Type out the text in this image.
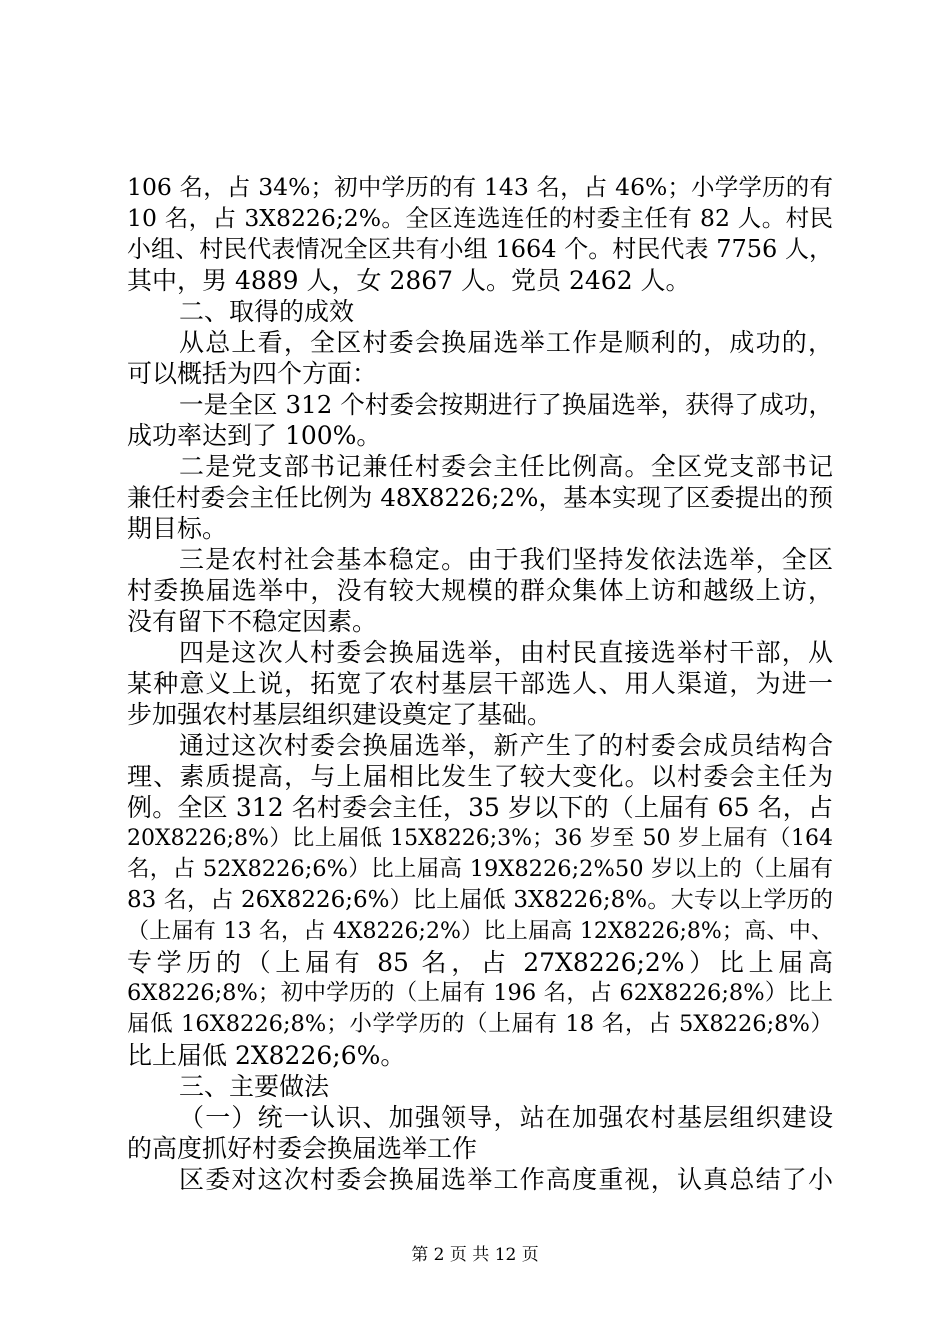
106 名，占 34%；初中学历的有 143 名，占 46%；小学学历的有
10 名，占 3X8226;2%。全区连选连任的村委主任有 82 人。村民
小组、村民代表情况全区共有小组 1664 个。村民代表 7756 人，
其中，男 4889 人，女 2867 人。党员 2462 人。
二、取得的成效
从总上看，全区村委会换届选举工作是顺利的，成功的，
可以概括为四个方面：
一是全区 312 个村委会按期进行了换届选举，获得了成功，
成功率达到了 100%。
二是党支部书记兼任村委会主任比例高。全区党支部书记
兼任村委会主任比例为 48X8226;2%，基本实现了区委提出的预
期目标。
三是农村社会基本稳定。由于我们坚持发依法选举，全区
村委换届选举中，没有较大规模的群众集体上访和越级上访，
没有留下不稳定因素。
四是这次人村委会换届选举，由村民直接选举村干部，从
某种意义上说，拓宽了农村基层干部选人、用人渠道，为进一
步加强农村基层组织建设奠定了基础。
通过这次村委会换届选举，新产生了的村委会成员结构合
理、素质提高，与上届相比发生了较大变化。以村委会主任为
例。全区 312 名村委会主任，35 岁以下的（上届有 65 名，占
20X8226;8%）比上届低 15X8226;3%；36 岁至 50 岁上届有（164
名，占 52X8226;6%）比上届高 19X8226;2%50 岁以上的（上届有
83 名，占 26X8226;6%）比上届低 3X8226;8%。大专以上学历的
（上届有 13 名，占 4X8226;2%）比上届高 12X8226;8%；高、中、
专学历的（上届有 85 名，占 27X8226;2%）比上届高
6X8226;8%；初中学历的（上届有 196 名，占 62X8226;8%）比上
届低 16X8226;8%；小学学历的（上届有 18 名，占 5X8226;8%）
比上届低 2X8226;6%。
三、主要做法
（一）统一认识、加强领导，站在加强农村基层组织建设
的高度抓好村委会换届选举工作
区委对这次村委会换届选举工作高度重视，认真总结了小
第 2 页 共 12 页
